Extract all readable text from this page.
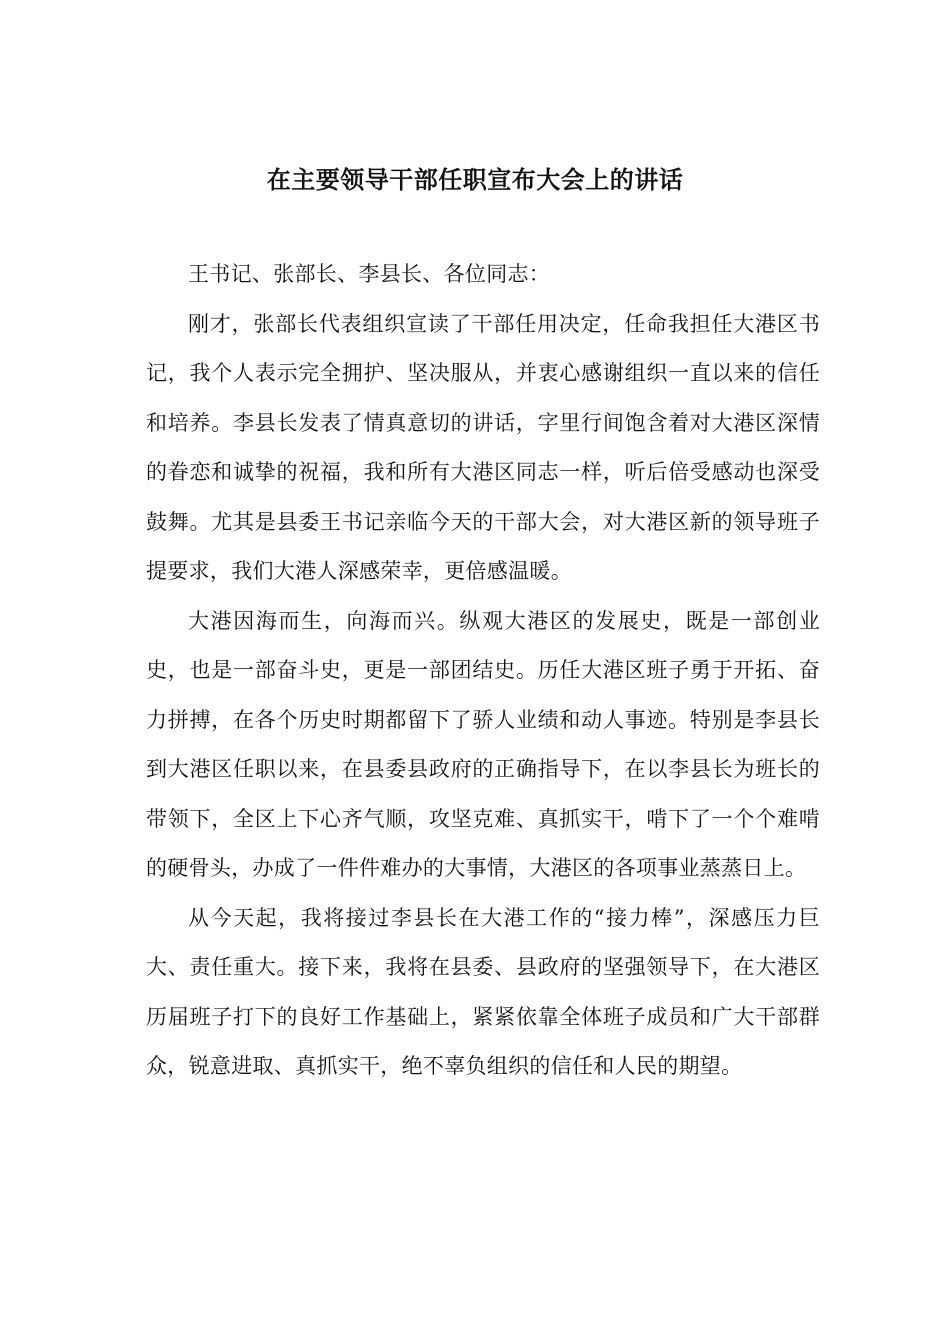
在主要领导干部任职宣布大会上的讲话

王书记、张部长、李县长、各位同志：

刚才，张部长代表组织宣读了干部任用决定，任命我担任大港区书记，我个人表示完全拥护、坚决服从，并衷心感谢组织一直以来的信任和培养。李县长发表了情真意切的讲话，字里行间饱含着对大港区深情的眷恋和诚挚的祝福，我和所有大港区同志一样，听后倍受感动也深受鼓舞。尤其是县委王书记亲临今天的干部大会，对大港区新的领导班子提要求，我们大港人深感荣幸，更倍感温暖。

大港因海而生，向海而兴。纵观大港区的发展史，既是一部创业史，也是一部奋斗史，更是一部团结史。历任大港区班子勇于开拓、奋力拼搏，在各个历史时期都留下了骄人业绩和动人事迹。特别是李县长到大港区任职以来，在县委县政府的正确指导下，在以李县长为班长的带领下，全区上下心齐气顺，攻坚克难、真抓实干，啃下了一个个难啃的硬骨头，办成了一件件难办的大事情，大港区的各项事业蒸蒸日上。

从今天起，我将接过李县长在大港工作的“接力棒”，深感压力巨大、责任重大。接下来，我将在县委、县政府的坚强领导下，在大港区历届班子打下的良好工作基础上，紧紧依靠全体班子成员和广大干部群众，锐意进取、真抓实干，绝不辜负组织的信任和人民的期望。
